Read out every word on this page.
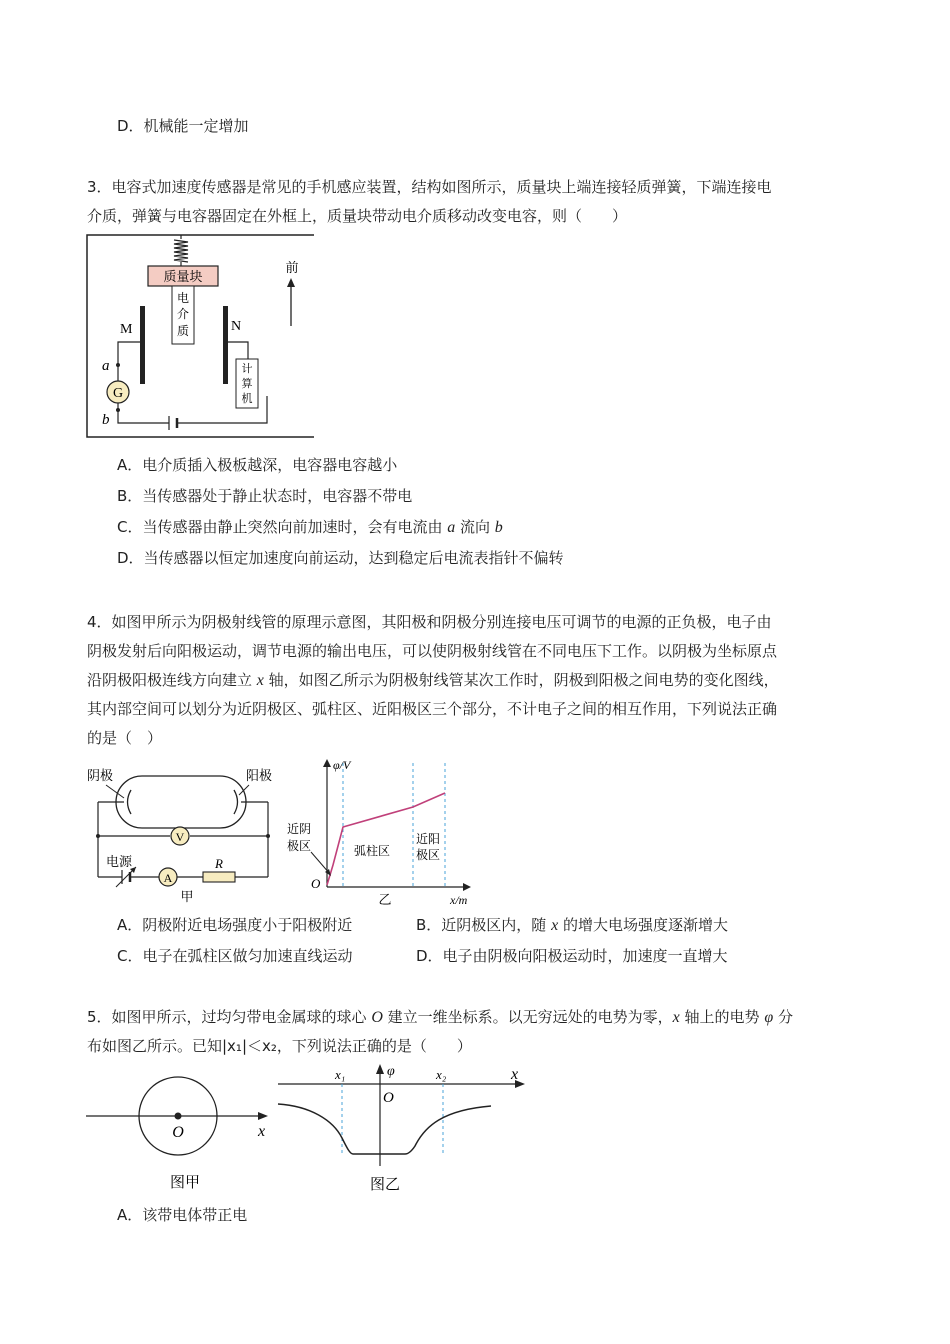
D．机械能一定增加
3．电容式加速度传感器是常见的手机感应装置，结构如图所示，质量块上端连接轻质弹簧，下端连接电
介质，弹簧与电容器固定在外框上，质量块带动电介质移动改变电容，则（　　）
质量块
电
介
质
M	N
a
b
G
计
算
机
前
A．电介质插入极板越深，电容器电容越小
B．当传感器处于静止状态时，电容器不带电
C．当传感器由静止突然向前加速时，会有电流由 a 流向 b
D．当传感器以恒定加速度向前运动，达到稳定后电流表指针不偏转
4．如图甲所示为阴极射线管的原理示意图，其阳极和阴极分别连接电压可调节的电源的正负极，电子由
阴极发射后向阳极运动，调节电源的输出电压，可以使阴极射线管在不同电压下工作。以阴极为坐标原点
沿阴极阳极连线方向建立 x 轴，如图乙所示为阴极射线管某次工作时，阴极到阳极之间电势的变化图线，
其内部空间可以划分为近阴极区、弧柱区、近阳极区三个部分，不计电子之间的相互作用，下列说法正确
的是（　）
阴极	阳极
V
电源
A
R
甲
φ/V
x/m
O
近阴
极区	弧柱区
近阳
极区
乙
A．阴极附近电场强度小于阳极附近	B．近阴极区内，随 x 的增大电场强度逐渐增大
C．电子在弧柱区做匀加速直线运动	D．电子由阴极向阳极运动时，加速度一直增大
5．如图甲所示，过均匀带电金属球的球心 O 建立一维坐标系。以无穷远处的电势为零，x 轴上的电势 φ 分
布如图乙所示。已知|x₁|＜x₂，下列说法正确的是（　　）
O	x
图甲
φ	x
O
x₁	x₂
图乙
A．该带电体带正电
